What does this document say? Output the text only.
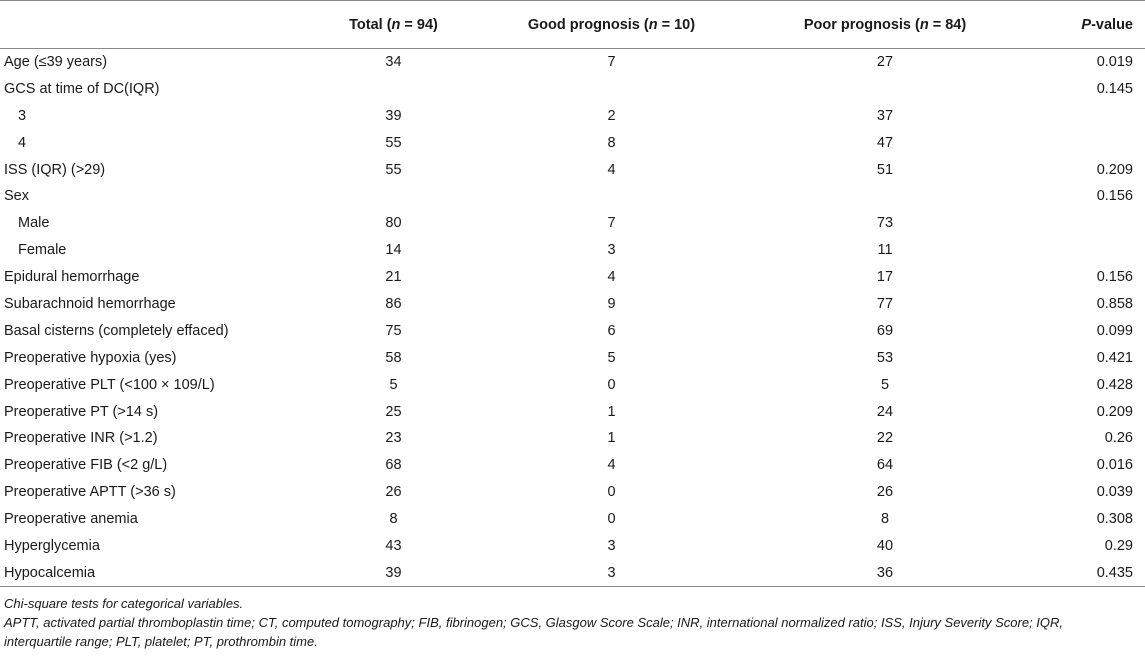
	Total (n = 94)	Good prognosis (n = 10)	Poor prognosis (n = 84)	P-value
Age (≤39 years)	34	7	27	0.019
GCS at time of DC(IQR)				0.145
3	39	2	37	
4	55	8	47	
ISS (IQR) (>29)	55	4	51	0.209
Sex				0.156
Male	80	7	73	
Female	14	3	11	
Epidural hemorrhage	21	4	17	0.156
Subarachnoid hemorrhage	86	9	77	0.858
Basal cisterns (completely effaced)	75	6	69	0.099
Preoperative hypoxia (yes)	58	5	53	0.421
Preoperative PLT (<100 × 109/L)	5	0	5	0.428
Preoperative PT (>14 s)	25	1	24	0.209
Preoperative INR (>1.2)	23	1	22	0.26
Preoperative FIB (<2 g/L)	68	4	64	0.016
Preoperative APTT (>36 s)	26	0	26	0.039
Preoperative anemia	8	0	8	0.308
Hyperglycemia	43	3	40	0.29
Hypocalcemia	39	3	36	0.435

Chi-square tests for categorical variables.

APTT, activated partial thromboplastin time; CT, computed tomography; FIB, fibrinogen; GCS, Glasgow Score Scale; INR, international normalized ratio; ISS, Injury Severity Score; IQR, interquartile range; PLT, platelet; PT, prothrombin time.
